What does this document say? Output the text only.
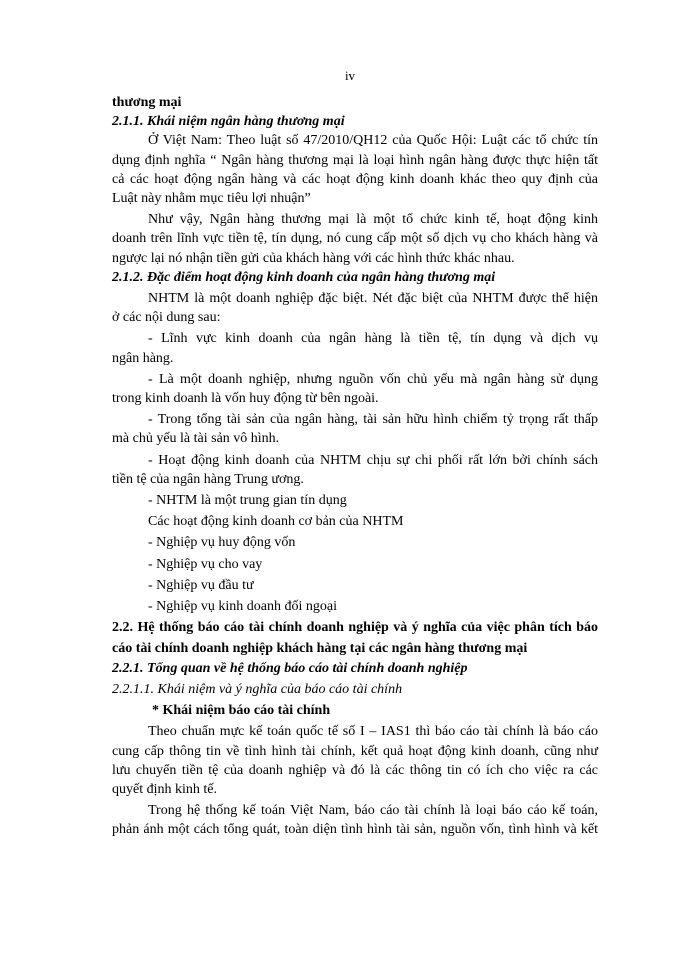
iv
thương mại
2.1.1. Khái niệm ngân hàng thương mại
Ở Việt Nam: Theo luật số 47/2010/QH12 của Quốc Hội: Luật các tổ chức tín
dụng định nghĩa “ Ngân hàng thương mại là loại hình ngân hàng được thực hiện tất
cả các hoạt động ngân hàng và các hoạt động kinh doanh khác theo quy định của
Luật này nhằm mục tiêu lợi nhuận”
Như vậy, Ngân hàng thương mại là một tổ chức kinh tế, hoạt động kinh
doanh trên lĩnh vực tiền tệ, tín dụng, nó cung cấp một số dịch vụ cho khách hàng và
ngược lại nó nhận tiền gửi của khách hàng với các hình thức khác nhau.
2.1.2. Đặc điểm hoạt động kinh doanh của ngân hàng thương mại
NHTM là một doanh nghiệp đặc biệt. Nét đặc biệt của NHTM được thể hiện
ở các nội dung sau:
- Lĩnh vực kinh doanh của ngân hàng là tiền tệ, tín dụng và dịch vụ
ngân hàng.
- Là một doanh nghiệp, nhưng nguồn vốn chủ yếu mà ngân hàng sử dụng
trong kinh doanh là vốn huy động từ bên ngoài.
- Trong tổng tài sản của ngân hàng, tài sản hữu hình chiếm tỷ trọng rất thấp
mà chủ yếu là tài sản vô hình.
- Hoạt động kinh doanh của NHTM chịu sự chi phối rất lớn bởi chính sách
tiền tệ của ngân hàng Trung ương.
- NHTM là một trung gian tín dụng
Các hoạt động kinh doanh cơ bản của NHTM
- Nghiệp vụ huy động vốn
- Nghiệp vụ cho vay
- Nghiệp vụ đầu tư
- Nghiệp vụ kinh doanh đối ngoại
2.2. Hệ thống báo cáo tài chính doanh nghiệp và ý nghĩa của việc phân tích báo
cáo tài chính doanh nghiệp khách hàng tại các ngân hàng thương mại
2.2.1. Tổng quan về hệ thống báo cáo tài chính doanh nghiệp
2.2.1.1. Khái niệm và ý nghĩa của báo cáo tài chính
* Khái niệm báo cáo tài chính
Theo chuẩn mực kế toán quốc tế số I – IAS1 thì báo cáo tài chính là báo cáo
cung cấp thông tin về tình hình tài chính, kết quả hoạt động kinh doanh, cũng như
lưu chuyển tiền tệ của doanh nghiệp và đó là các thông tin có ích cho việc ra các
quyết định kinh tế.
Trong hệ thống kế toán Việt Nam, báo cáo tài chính là loại báo cáo kế toán,
phản ánh một cách tổng quát, toàn diện tình hình tài sản, nguồn vốn, tình hình và kết
